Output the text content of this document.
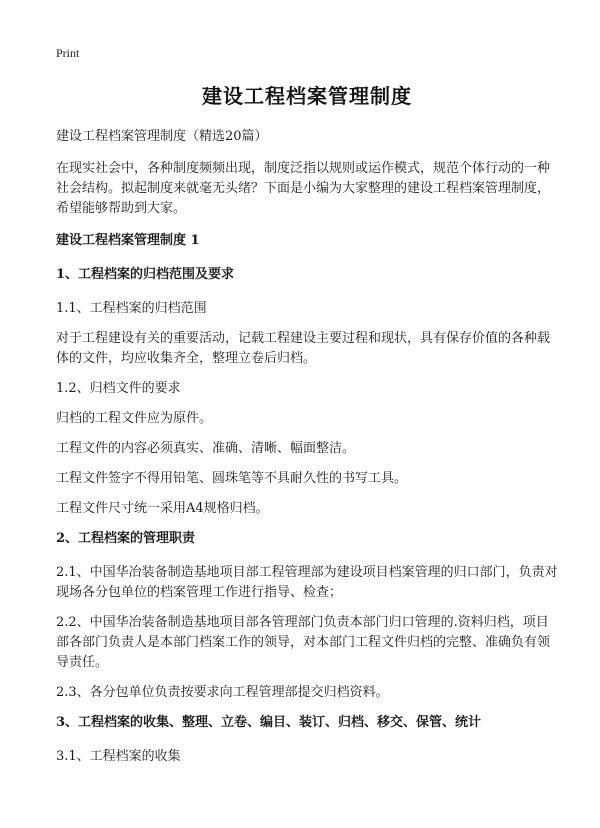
Print
建设工程档案管理制度

建设工程档案管理制度（精选20篇）

在现实社会中，各种制度频频出现，制度泛指以规则或运作模式，规范个体行动的一种社会结构。拟起制度来就毫无头绪？下面是小编为大家整理的建设工程档案管理制度，希望能够帮助到大家。

建设工程档案管理制度 1

1、工程档案的归档范围及要求

1.1、工程档案的归档范围

对于工程建设有关的重要活动，记载工程建设主要过程和现状，具有保存价值的各种载体的文件，均应收集齐全，整理立卷后归档。

1.2、归档文件的要求

归档的工程文件应为原件。

工程文件的内容必须真实、准确、清晰、幅面整洁。

工程文件签字不得用铅笔、圆珠笔等不具耐久性的书写工具。

工程文件尺寸统一采用A4规格归档。

2、工程档案的管理职责

2.1、中国华冶装备制造基地项目部工程管理部为建设项目档案管理的归口部门，负责对现场各分包单位的档案管理工作进行指导、检查；

2.2、中国华冶装备制造基地项目部各管理部门负责本部门归口管理的.资料归档，项目部各部门负责人是本部门档案工作的领导，对本部门工程文件归档的完整、准确负有领导责任。

2.3、各分包单位负责按要求向工程管理部提交归档资料。

3、工程档案的收集、整理、立卷、编目、装订、归档、移交、保管、统计

3.1、工程档案的收集
